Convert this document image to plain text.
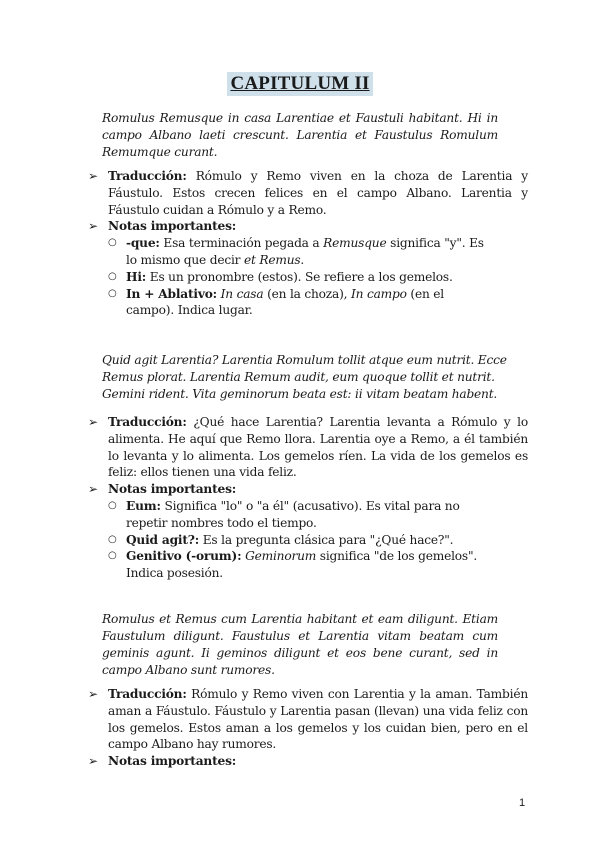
CAPITULUM II
Romulus Remusque in casa Larentiae et Faustuli habitant. Hi in campo Albano laeti crescunt. Larentia et Faustulus Romulum Remumque curant.
➢ Traducción: Rómulo y Remo viven en la choza de Larentia y Fáustulo. Estos crecen felices en el campo Albano. Larentia y Fáustulo cuidan a Rómulo y a Remo.
➢ Notas importantes:
○ -que: Esa terminación pegada a Remusque significa "y". Es lo mismo que decir et Remus.
○ Hi: Es un pronombre (estos). Se refiere a los gemelos.
○ In + Ablativo: In casa (en la choza), In campo (en el campo). Indica lugar.
Quid agit Larentia? Larentia Romulum tollit atque eum nutrit. Ecce
Remus plorat. Larentia Remum audit, eum quoque tollit et nutrit.
Gemini rident. Vita geminorum beata est: ii vitam beatam habent.
➢ Traducción: ¿Qué hace Larentia? Larentia levanta a Rómulo y lo alimenta. He aquí que Remo llora. Larentia oye a Remo, a él también lo levanta y lo alimenta. Los gemelos ríen. La vida de los gemelos es feliz: ellos tienen una vida feliz.
➢ Notas importantes:
○ Eum: Significa "lo" o "a él" (acusativo). Es vital para no repetir nombres todo el tiempo.
○ Quid agit?: Es la pregunta clásica para "¿Qué hace?".
○ Genitivo (-orum): Geminorum significa "de los gemelos". Indica posesión.
Romulus et Remus cum Larentia habitant et eam diligunt. Etiam Faustulum diligunt. Faustulus et Larentia vitam beatam cum geminis agunt. Ii geminos diligunt et eos bene curant, sed in campo Albano sunt rumores.
➢ Traducción: Rómulo y Remo viven con Larentia y la aman. También aman a Fáustulo. Fáustulo y Larentia pasan (llevan) una vida feliz con los gemelos. Estos aman a los gemelos y los cuidan bien, pero en el campo Albano hay rumores.
➢ Notas importantes:
1
